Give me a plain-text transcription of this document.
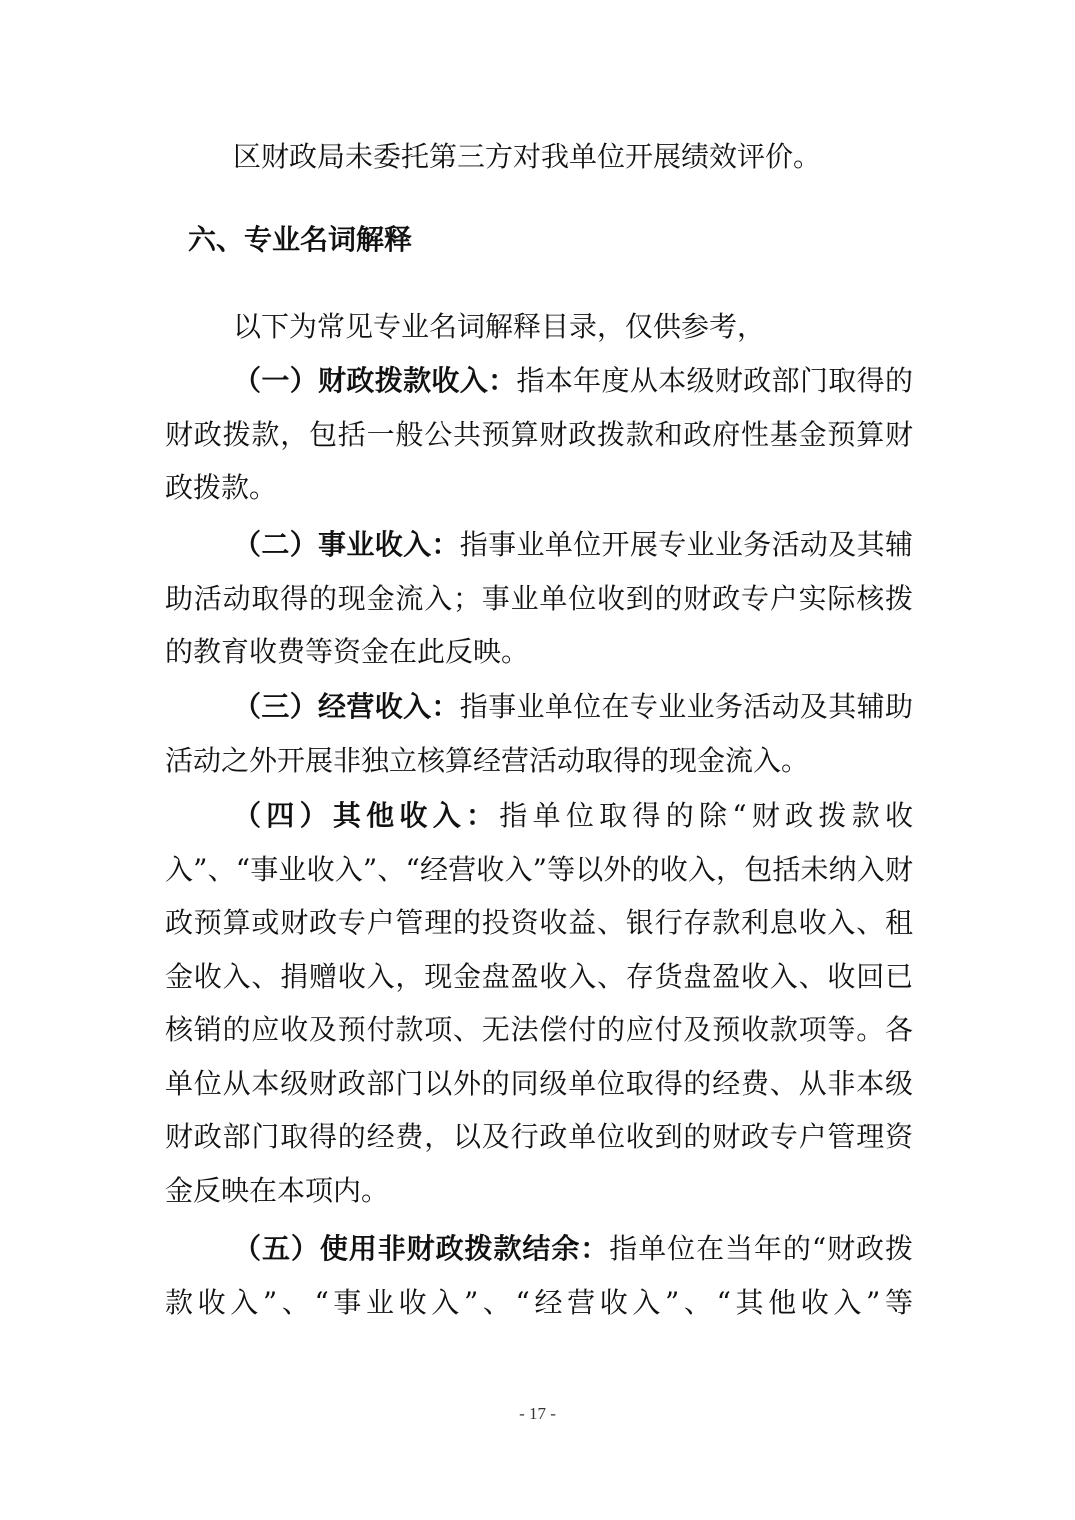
区财政局未委托第三方对我单位开展绩效评价。
六、专业名词解释
以下为常见专业名词解释目录，仅供参考，
（一）财政拨款收入：指本年度从本级财政部门取得的财政拨款，包括一般公共预算财政拨款和政府性基金预算财政拨款。
（二）事业收入：指事业单位开展专业业务活动及其辅助活动取得的现金流入；事业单位收到的财政专户实际核拨的教育收费等资金在此反映。
（三）经营收入：指事业单位在专业业务活动及其辅助活动之外开展非独立核算经营活动取得的现金流入。
（四）其他收入：指单位取得的除“财政拨款收入”、“事业收入”、“经营收入”等以外的收入，包括未纳入财政预算或财政专户管理的投资收益、银行存款利息收入、租金收入、捐赠收入，现金盘盈收入、存货盘盈收入、收回已核销的应收及预付款项、无法偿付的应付及预收款项等。各单位从本级财政部门以外的同级单位取得的经费、从非本级财政部门取得的经费，以及行政单位收到的财政专户管理资金反映在本项内。
（五）使用非财政拨款结余：指单位在当年的“财政拨款收入”、“事业收入”、“经营收入”、“其他收入”等
- 17 -
